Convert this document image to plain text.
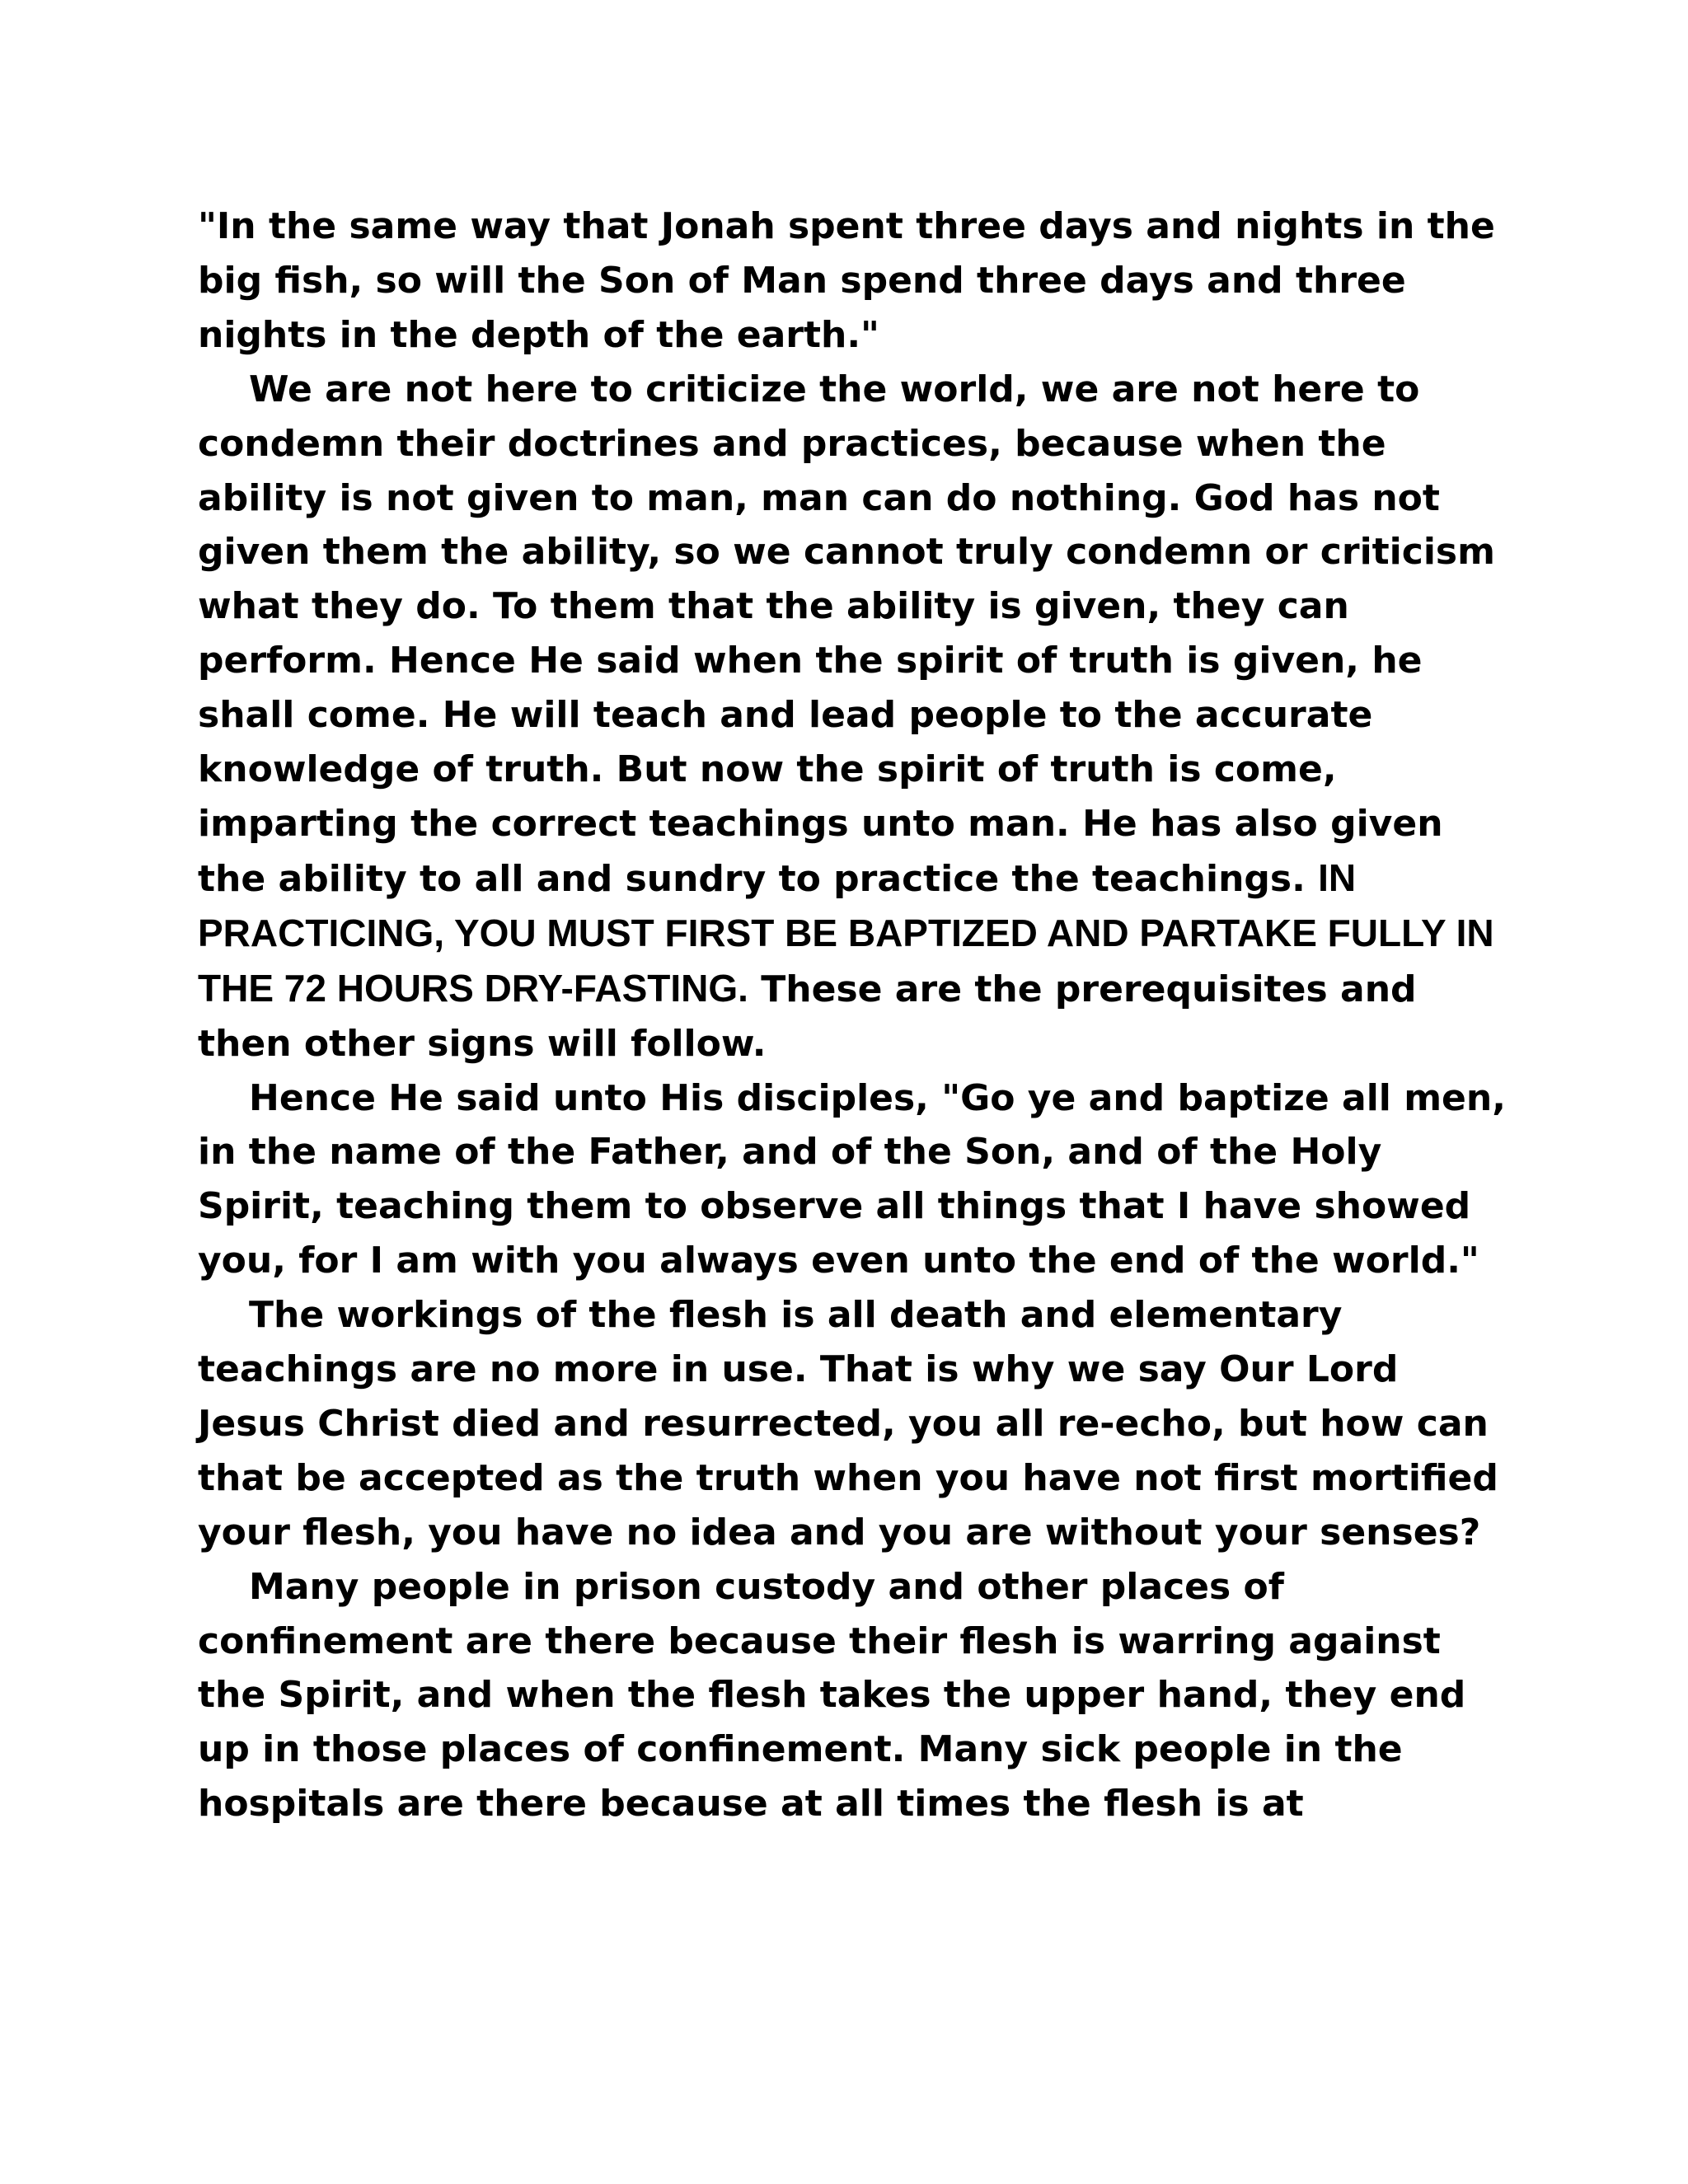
"In the same way that Jonah spent three days and nights in the big fish, so will the Son of Man spend three days and three nights in the depth of the earth."

We are not here to criticize the world, we are not here to condemn their doctrines and practices, because when the ability is not given to man, man can do nothing. God has not given them the ability, so we cannot truly condemn or criticism what they do. To them that the ability is given, they can perform. Hence He said when the spirit of truth is given, he shall come. He will teach and lead people to the accurate knowledge of truth. But now the spirit of truth is come, imparting the correct teachings unto man. He has also given the ability to all and sundry to practice the teachings. IN PRACTICING, YOU MUST FIRST BE BAPTIZED AND PARTAKE FULLY IN THE 72 HOURS DRY-FASTING. These are the prerequisites and then other signs will follow.

Hence He said unto His disciples, "Go ye and baptize all men, in the name of the Father, and of the Son, and of the Holy Spirit, teaching them to observe all things that I have showed you, for I am with you always even unto the end of the world."

The workings of the flesh is all death and elementary teachings are no more in use. That is why we say Our Lord Jesus Christ died and resurrected, you all re-echo, but how can that be accepted as the truth when you have not first mortified your flesh, you have no idea and you are without your senses?

Many people in prison custody and other places of confinement are there because their flesh is warring against the Spirit, and when the flesh takes the upper hand, they end up in those places of confinement. Many sick people in the hospitals are there because at all times the flesh is at
